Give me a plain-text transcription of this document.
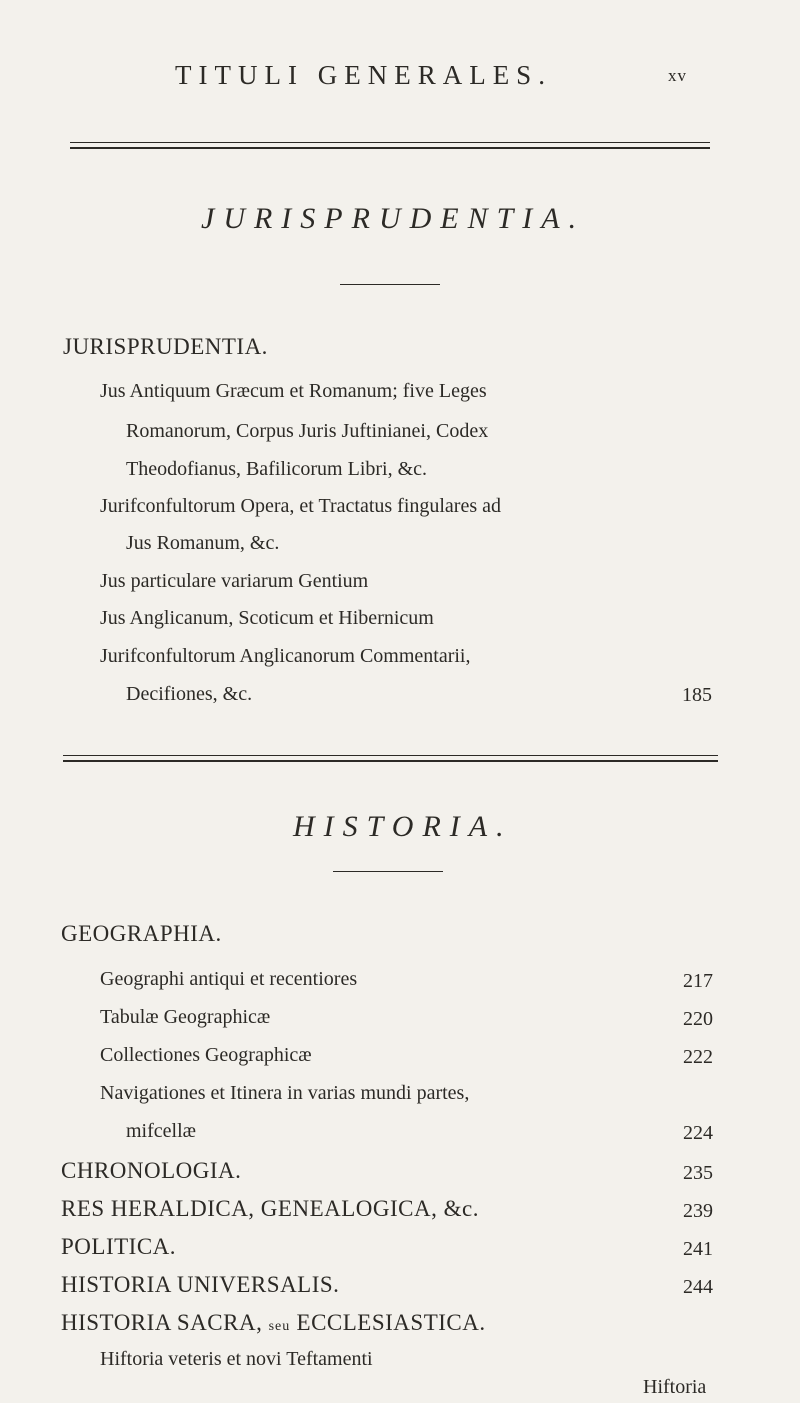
TITULI GENERALES.	xv
JURISPRUDENTIA.
JURISPRUDENTIA.
Jus Antiquum Græcum et Romanum; five Leges
Romanorum, Corpus Juris Juftinianei, Codex
Theodofianus, Bafilicorum Libri, &c.
Jurifconfultorum Opera, et Tractatus fingulares ad
Jus Romanum, &c.
Jus particulare variarum Gentium
Jus Anglicanum, Scoticum et Hibernicum
Jurifconfultorum Anglicanorum Commentarii,
Decifiones, &c.	185
HISTORIA.
GEOGRAPHIA.
Geographi antiqui et recentiores	217
Tabulæ Geographicæ	220
Collectiones Geographicæ	222
Navigationes et Itinera in varias mundi partes,
mifcellæ	224
CHRONOLOGIA.	235
RES HERALDICA, GENEALOGICA, &c.	239
POLITICA.	241
HISTORIA UNIVERSALIS.	244
HISTORIA SACRA, seu ECCLESIASTICA.
Hiftoria veteris et novi Teftamenti
Hiftoria
